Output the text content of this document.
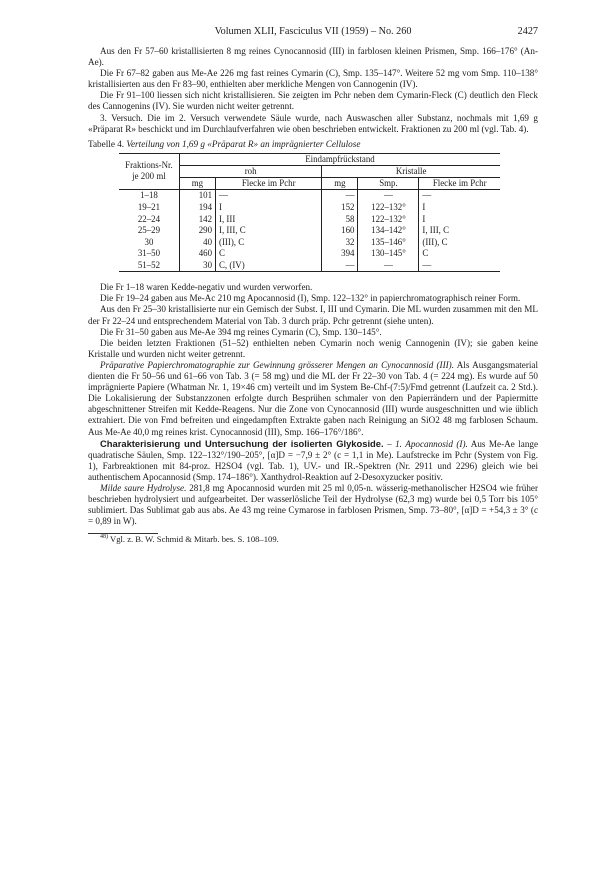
Volumen XLII, Fasciculus VII (1959) – No. 260	2427

Aus den Fr 57–60 kristallisierten 8 mg reines Cynocannosid (III) in farblosen kleinen Prismen, Smp. 166–176° (An-Ae).

Die Fr 67–82 gaben aus Me-Ae 226 mg fast reines Cymarin (C), Smp. 135–147°. Weitere 52 mg vom Smp. 110–138° kristallisierten aus den Fr 83–90, enthielten aber merkliche Mengen von Cannogenin (IV).

Die Fr 91–100 liessen sich nicht kristallisieren. Sie zeigten im Pchr neben dem Cymarin-Fleck (C) deutlich den Fleck des Cannogenins (IV). Sie wurden nicht weiter getrennt.

3. Versuch. Die im 2. Versuch verwendete Säule wurde, nach Auswaschen aller Substanz, nochmals mit 1,69 g «Präparat R» beschickt und im Durchlaufverfahren wie oben beschrieben entwickelt. Fraktionen zu 200 ml (vgl. Tab. 4).

Tabelle 4. Verteilung von 1,69 g «Präparat R» an imprägnierter Cellulose
Fraktions-Nr. je 200 ml	Eindampfrückstand				
	roh		Kristalle		
	mg	Flecke im Pchr	mg	Smp.	Flecke im Pchr
1–18	101	—	—	—	—
19–21	194	I	152	122–132°	I
22–24	142	I, III	58	122–132°	I
25–29	290	I, III, C	160	134–142°	I, III, C
30	40	(III), C	32	135–146°	(III), C
31–50	460	C	394	130–145°	C
51–52	30	C, (IV)	—	—	—

Die Fr 1–18 waren Kedde-negativ und wurden verworfen.

Die Fr 19–24 gaben aus Me-Ac 210 mg Apocannosid (I), Smp. 122–132° in papierchromatographisch reiner Form.

Aus den Fr 25–30 kristallisierte nur ein Gemisch der Subst. I, III und Cymarin. Die ML wurden zusammen mit den ML der Fr 22–24 und entsprechendem Material von Tab. 3 durch präp. Pchr getrennt (siehe unten).

Die Fr 31–50 gaben aus Me-Ae 394 mg reines Cymarin (C), Smp. 130–145°.

Die beiden letzten Fraktionen (51–52) enthielten neben Cymarin noch wenig Cannogenin (IV); sie gaben keine Kristalle und wurden nicht weiter getrennt.

Präparative Papierchromatographie zur Gewinnung grösserer Mengen an Cynocannosid (III). Als Ausgangsmaterial dienten die Fr 50–56 und 61–66 von Tab. 3 (= 58 mg) und die ML der Fr 22–30 von Tab. 4 (= 224 mg). Es wurde auf 50 imprägnierte Papiere (Whatman Nr. 1, 19×46 cm) verteilt und im System Be-Chf-(7:5)/Fmd getrennt (Laufzeit ca. 2 Std.). Die Lokalisierung der Substanzzonen erfolgte durch Besprühen schmaler von den Papierrändern und der Papiermitte abgeschnittener Streifen mit Kedde-Reagens. Nur die Zone von Cynocannosid (III) wurde ausgeschnitten und wie üblich extrahiert. Die von Fmd befreiten und eingedampften Extrakte gaben nach Reinigung an SiO2 48 mg farblosen Schaum. Aus Me-Ae 40,0 mg reines krist. Cynocannosid (III), Smp. 166–176°/186°.

Charakterisierung und Untersuchung der isolierten Glykoside. – 1. Apocannosid (I). Aus Me-Ae lange quadratische Säulen, Smp. 122–132°/190–205°, [α]D = −7,9 ± 2° (c = 1,1 in Me). Laufstrecke im Pchr (System von Fig. 1), Farbreaktionen mit 84-proz. H2SO4 (vgl. Tab. 1), UV.- und IR.-Spektren (Nr. 2911 und 2296) gleich wie bei authentischem Apocannosid (Smp. 174–186°). Xanthydrol-Reaktion auf 2-Desoxyzucker positiv.

Milde saure Hydrolyse. 281,8 mg Apocannosid wurden mit 25 ml 0,05-n. wässerig-methanolischer H2SO4 wie früher beschrieben hydrolysiert und aufgearbeitet. Der wasserlösliche Teil der Hydrolyse (62,3 mg) wurde bei 0,5 Torr bis 105° sublimiert. Das Sublimat gab aus abs. Ae 43 mg reine Cymarose in farblosen Prismen, Smp. 73–80°, [α]D = +54,3 ± 3° (c = 0,89 in W).

$^{48)}$ Vgl. z. B. W. Schmid & Mitarb. bes. S. 108–109.
